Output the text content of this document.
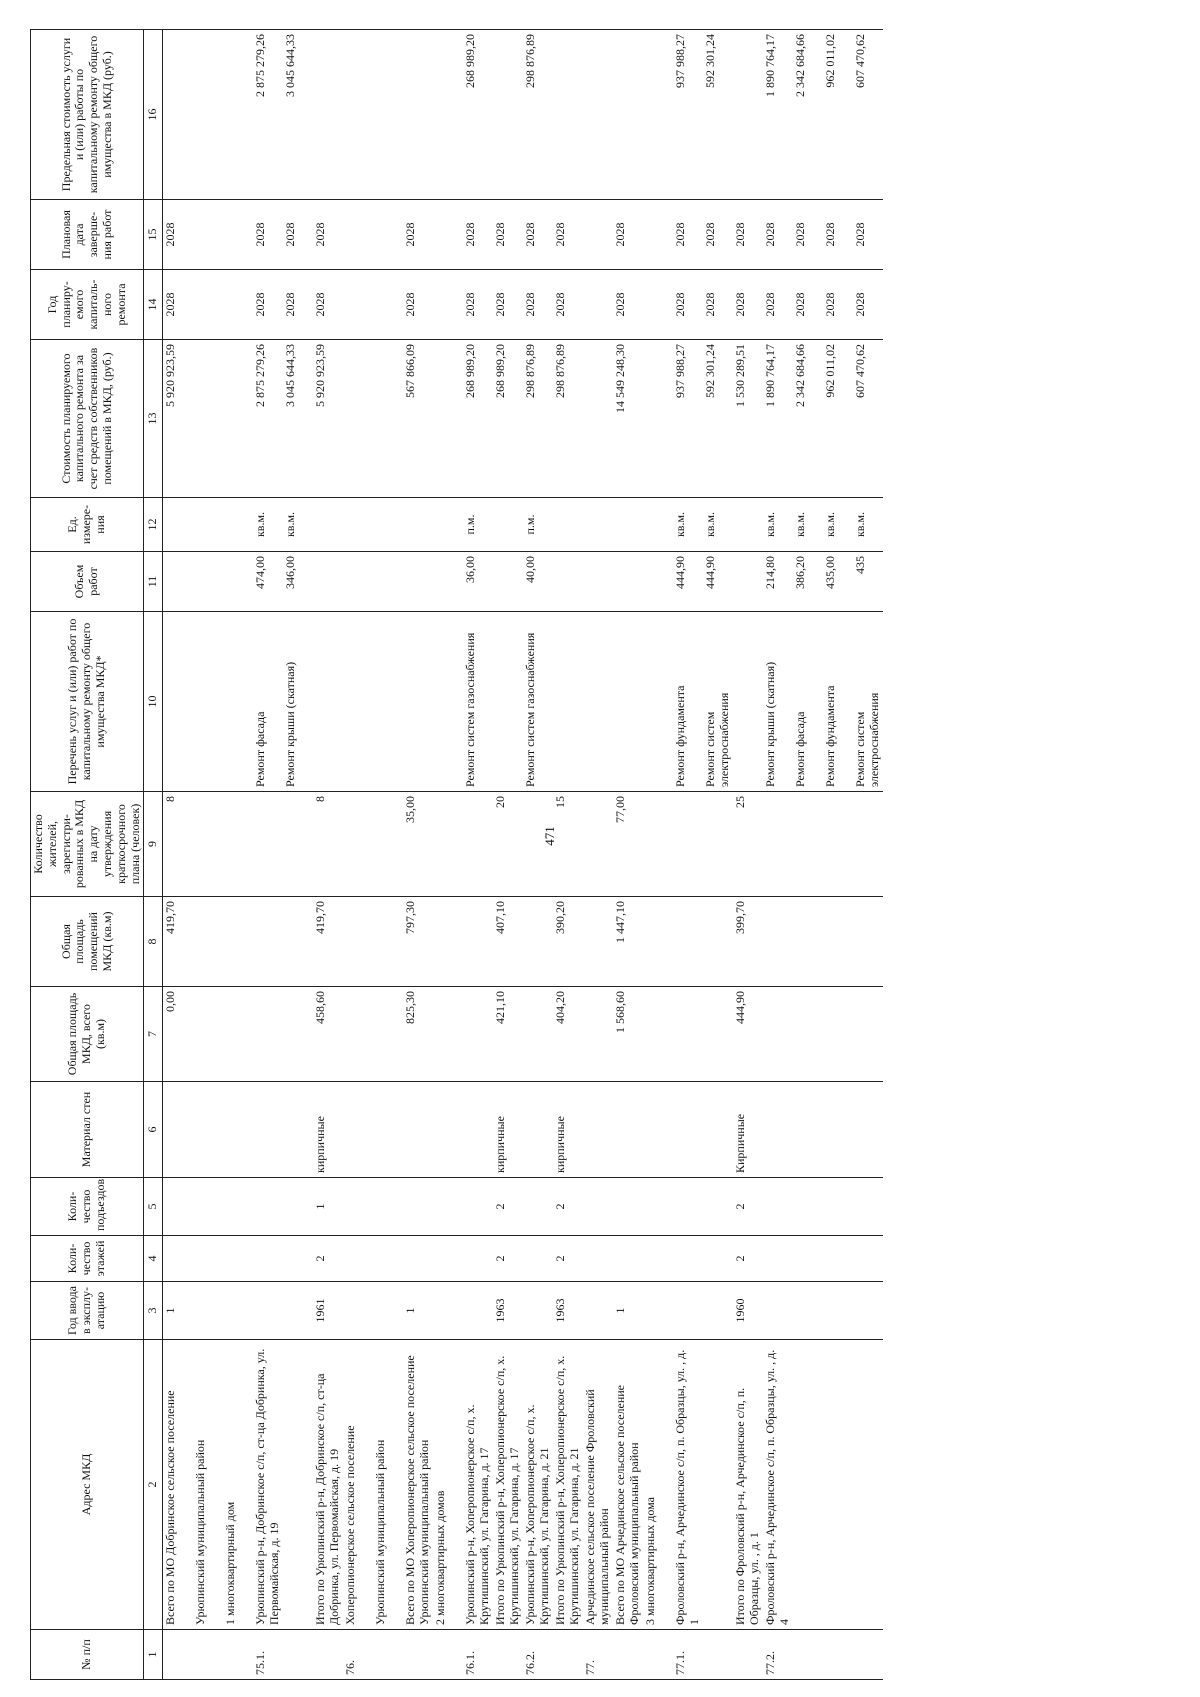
471
№ п/п	Адрес МКД	Год ввода в эксплу-атацию	Коли-чество этажей	Коли-чество подъездов	Материал стен	Общая площадь МКД, всего (кв.м)	Общая площадь помещений МКД (кв.м)	Количество жителей, зарегистри-рованных в МКД на дату утверждения краткосрочного плана (человек)	Перечень услуг и (или) работ по капитальному ремонту общего имущества МКД*	Объем работ	Ед. измере-ния	Стоимость планируемого капитального ремонта за счет средств собственников помещений в МКД, (руб.)	Год планиру-емого капиталь-ного ремонта	Плановая дата заверше-ния работ	Предельная стоимость услуги и (или) работы по капитальному ремонту общего имущества в МКД (руб.)
1	2	3	4	5	6	7	8	9	10	11	12	13	14	15	16
	Всего по МО Добринское сельское поселение	1				0,00	419,70	8				5 920 923,59	2028	2028	
	Урюпинский муниципальный район														
	1 многоквартирный дом														
75.1.	Урюпинский р-н, Добринское с/п, ст-ца Добринка, ул. Первомайская, д. 19								Ремонт фасада	474,00	кв.м.	2 875 279,26	2028	2028	2 875 279,26
									Ремонт крыши (скатная)	346,00	кв.м.	3 045 644,33	2028	2028	3 045 644,33
	Итого по Урюпинский р-н, Добринское с/п, ст-ца Добринка, ул. Первомайская, д. 19	1961	2	1	кирпичные	458,60	419,70	8				5 920 923,59	2028	2028	
76.	Хоперопионерское сельское поселение														
	Урюпинский муниципальный район														
	Всего по МО Хоперопионерское сельское поселение Урюпинский муниципальный район	1				825,30	797,30	35,00				567 866,09	2028	2028	
	2 многоквартирных домов														
76.1.	Урюпинский р-н, Хоперопионерское с/п, х. Крутишинский, ул. Гагарина, д. 17								Ремонт систем газоснабжения	36,00	п.м.	268 989,20	2028	2028	268 989,20
	Итого по Урюпинский р-н, Хоперопионерское с/п, х. Крутишинский, ул. Гагарина, д. 17	1963	2	2	кирпичные	421,10	407,10	20				268 989,20	2028	2028	
76.2.	Урюпинский р-н, Хоперопионерское с/п, х. Крутишинский, ул. Гагарина, д. 21								Ремонт систем газоснабжения	40,00	п.м.	298 876,89	2028	2028	298 876,89
	Итого по Урюпинский р-н, Хоперопионерское с/п, х. Крутишинский, ул. Гагарина, д. 21	1963	2	2	кирпичные	404,20	390,20	15				298 876,89	2028	2028	
77.	Арчединское сельское поселение Фроловский муниципальный район														
	Всего по МО Арчединское сельское поселение Фроловский муниципальный район	1				1 568,60	1 447,10	77,00				14 549 248,30	2028	2028	
	3 многоквартирных дома														
77.1.	Фроловский р-н, Арчединское с/п, п. Образцы, ул. , д. 1								Ремонт фундамента	444,90	кв.м.	937 988,27	2028	2028	937 988,27
									Ремонт систем электроснабжения	444,90	кв.м.	592 301,24	2028	2028	592 301,24
	Итого по Фроловский р-н, Арчединское с/п, п. Образцы, ул. , д. 1	1960	2	2	Кирпичные	444,90	399,70	25				1 530 289,51	2028	2028	
77.2.	Фроловский р-н, Арчединское с/п, п. Образцы, ул. , д. 4								Ремонт крыши (скатная)	214,80	кв.м.	1 890 764,17	2028	2028	1 890 764,17
									Ремонт фасада	386,20	кв.м.	2 342 684,66	2028	2028	2 342 684,66
									Ремонт фундамента	435,00	кв.м.	962 011,02	2028	2028	962 011,02
									Ремонт систем электроснабжения	435	кв.м.	607 470,62	2028	2028	607 470,62
